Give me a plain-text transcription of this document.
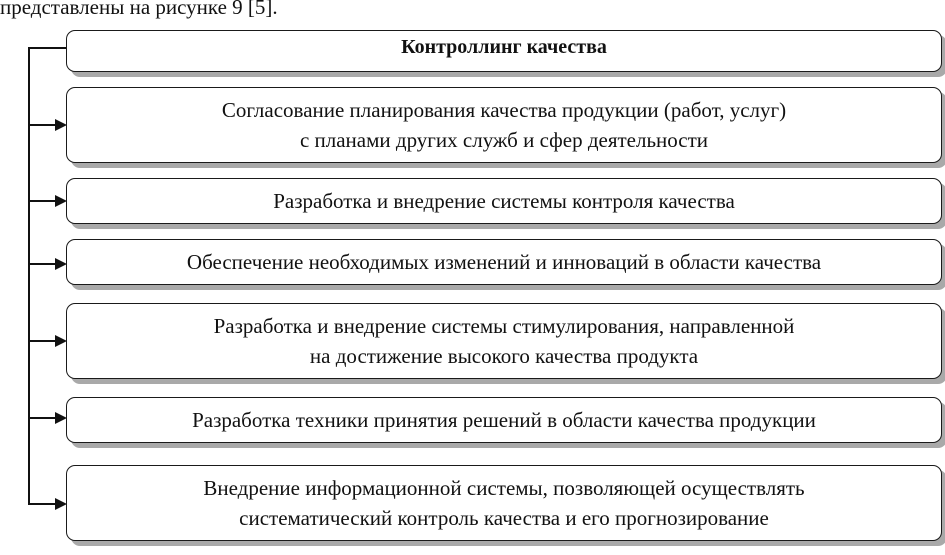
представлены на рисунке 9 [5].
Контроллинг качества
Согласование планирования качества продукции (работ, услуг)
с планами других служб и сфер деятельности
Разработка и внедрение системы контроля качества
Обеспечение необходимых изменений и инноваций в области качества
Разработка и внедрение системы стимулирования, направленной
на достижение высокого качества продукта
Разработка техники принятия решений в области качества продукции
Внедрение информационной системы, позволяющей осуществлять
систематический контроль качества и его прогнозирование
